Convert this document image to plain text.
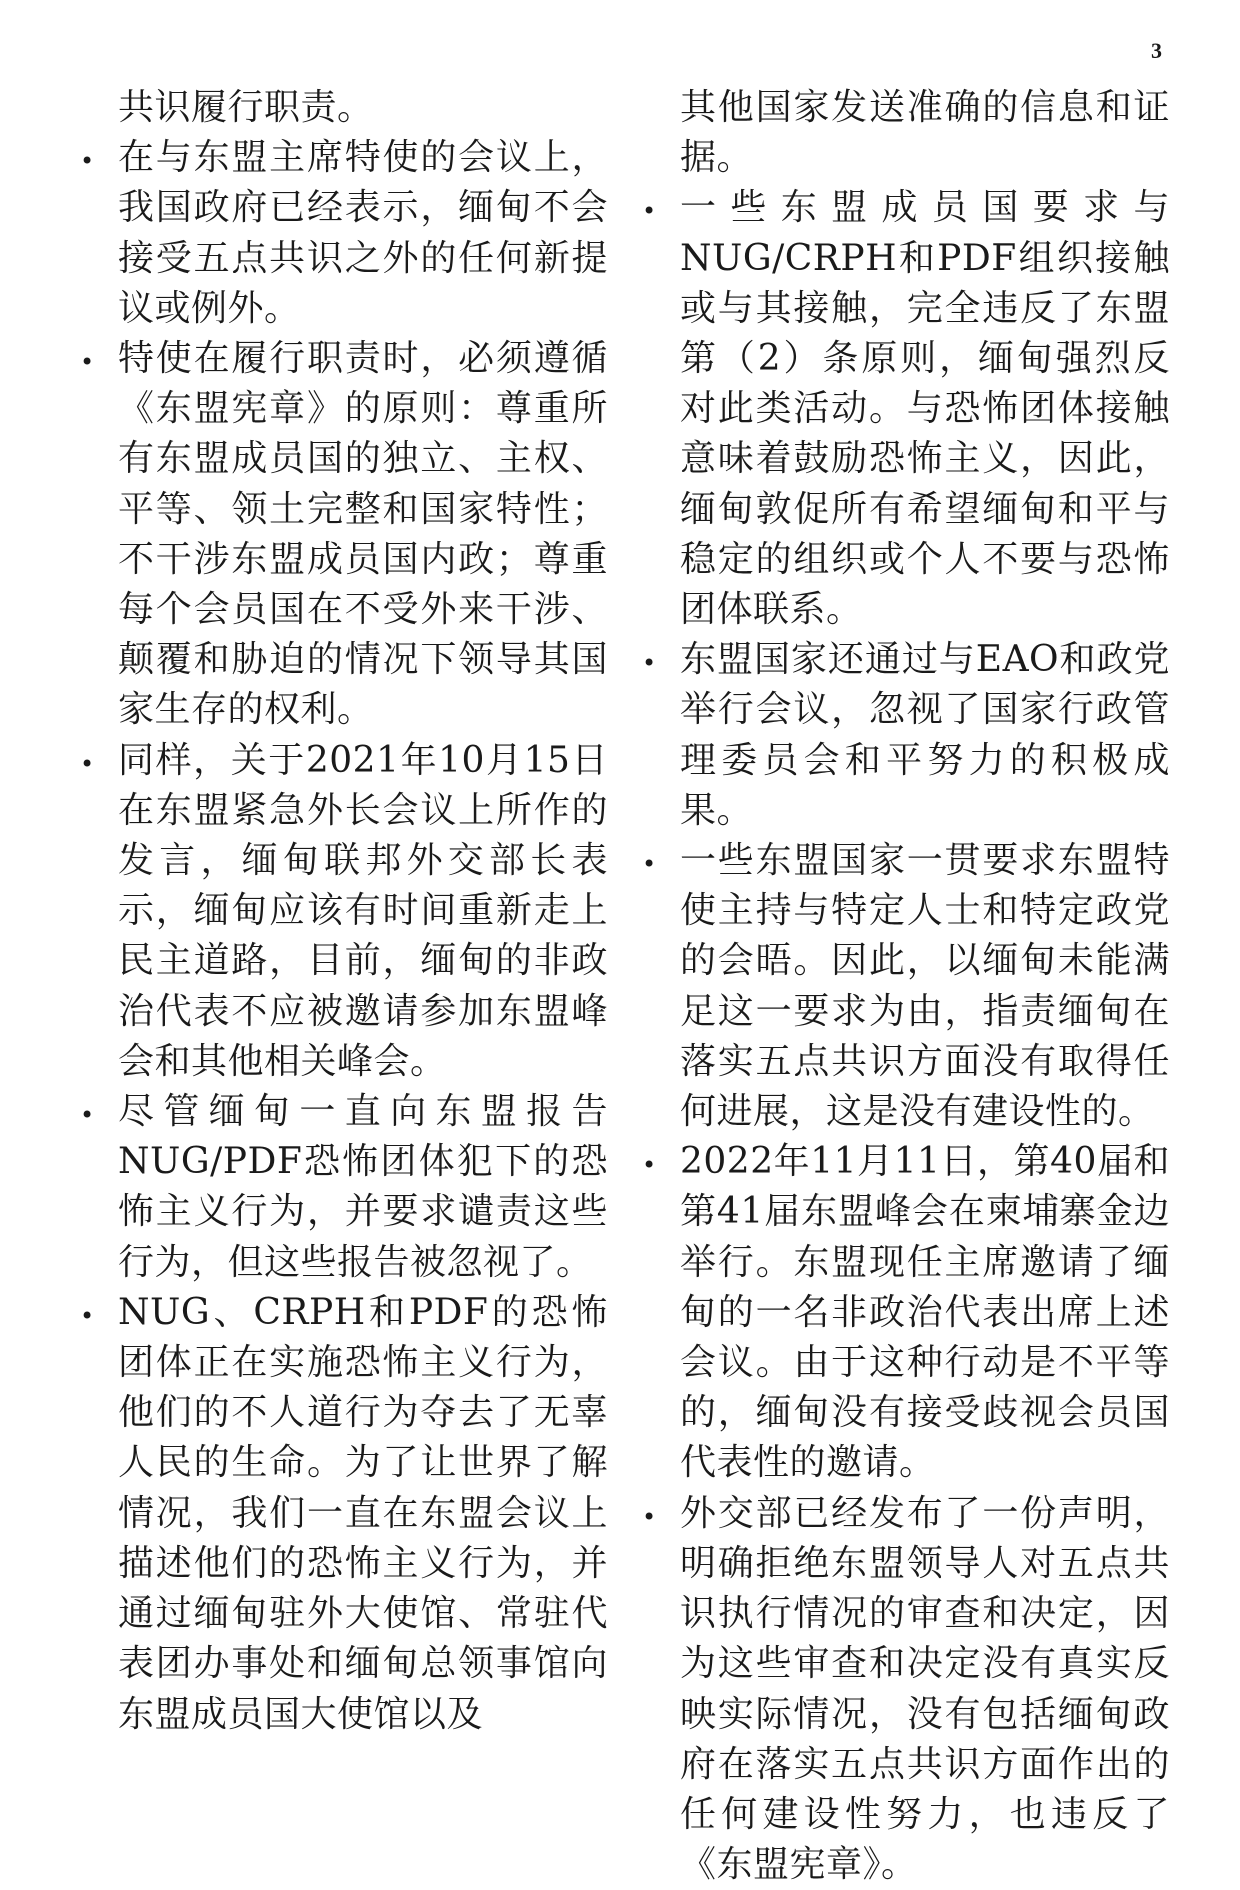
3

共识履行职责。

• 在与东盟主席特使的会议上，我国政府已经表示，缅甸不会接受五点共识之外的任何新提议或例外。

• 特使在履行职责时，必须遵循《东盟宪章》的原则：尊重所有东盟成员国的独立、主权、平等、领土完整和国家特性；不干涉东盟成员国内政；尊重每个会员国在不受外来干涉、颠覆和胁迫的情况下领导其国家生存的权利。

• 同样，关于2021年10月15日在东盟紧急外长会议上所作的发言，缅甸联邦外交部长表示，缅甸应该有时间重新走上民主道路，目前，缅甸的非政治代表不应被邀请参加东盟峰会和其他相关峰会。

• 尽管缅甸一直向东盟报告NUG/PDF恐怖团体犯下的恐怖主义行为，并要求谴责这些行为，但这些报告被忽视了。

• NUG、CRPH和PDF的恐怖团体正在实施恐怖主义行为，他们的不人道行为夺去了无辜人民的生命。为了让世界了解情况，我们一直在东盟会议上描述他们的恐怖主义行为，并通过缅甸驻外大使馆、常驻代表团办事处和缅甸总领事馆向东盟成员国大使馆以及

其他国家发送准确的信息和证据。

• 一些东盟成员国要求与NUG/CRPH和PDF组织接触或与其接触，完全违反了东盟第（2）条原则，缅甸强烈反对此类活动。与恐怖团体接触意味着鼓励恐怖主义，因此，缅甸敦促所有希望缅甸和平与稳定的组织或个人不要与恐怖团体联系。

• 东盟国家还通过与EAO和政党举行会议，忽视了国家行政管理委员会和平努力的积极成果。

• 一些东盟国家一贯要求东盟特使主持与特定人士和特定政党的会晤。因此，以缅甸未能满足这一要求为由，指责缅甸在落实五点共识方面没有取得任何进展，这是没有建设性的。

• 2022年11月11日，第40届和第41届东盟峰会在柬埔寨金边举行。东盟现任主席邀请了缅甸的一名非政治代表出席上述会议。由于这种行动是不平等的，缅甸没有接受歧视会员国代表性的邀请。

• 外交部已经发布了一份声明，明确拒绝东盟领导人对五点共识执行情况的审查和决定，因为这些审查和决定没有真实反映实际情况，没有包括缅甸政府在落实五点共识方面作出的任何建设性努力，也违反了《东盟宪章》。
